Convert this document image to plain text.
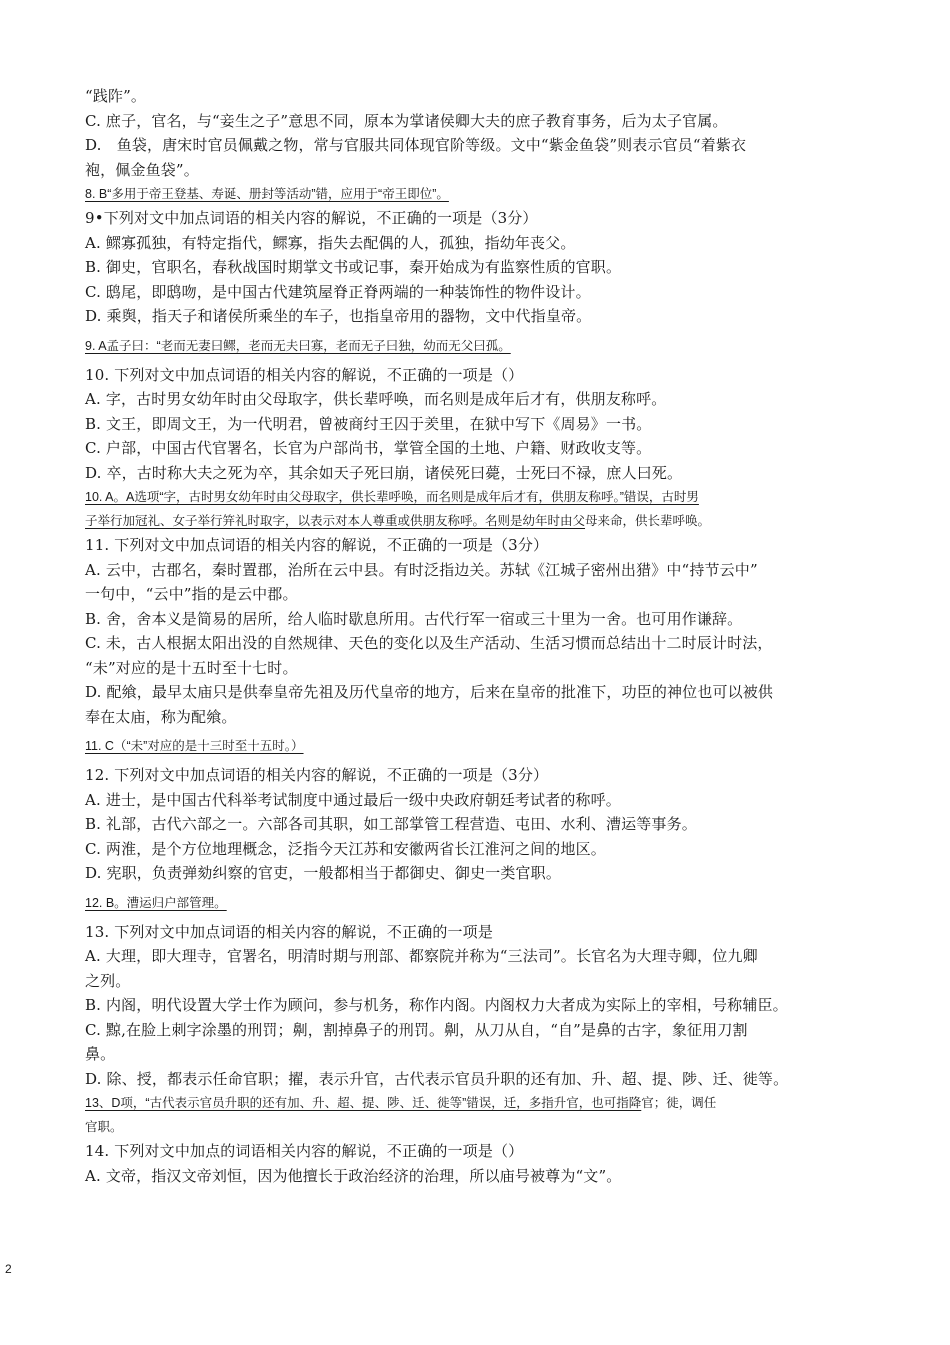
“践阼”。
C. 庶子，官名，与“妾生之子”意思不同，原本为掌诸侯卿大夫的庶子教育事务，后为太子官属。
D.　鱼袋，唐宋时官员佩戴之物，常与官服共同体现官阶等级。文中“紫金鱼袋”则表示官员“着紫衣
袍，佩金鱼袋”。
8. B“多用于帝王登基、寿诞、册封等活动”错，应用于“帝王即位”。
9•下列对文中加点词语的相关内容的解说，不正确的一项是（3分）
A. 鳏寡孤独，有特定指代，鳏寡，指失去配偶的人，孤独，指幼年丧父。
B. 御史，官职名，春秋战国时期掌文书或记事，秦开始成为有监察性质的官职。
C. 鸱尾，即鸱吻，是中国古代建筑屋脊正脊两端的一种装饰性的物件设计。
D. 乘舆，指天子和诸侯所乘坐的车子，也指皇帝用的器物，文中代指皇帝。
9. A孟子曰：“老而无妻曰鳏，老而无夫曰寡，老而无子曰独，幼而无父曰孤。
10. 下列对文中加点词语的相关内容的解说，不正确的一项是（）
A. 字，古时男女幼年时由父母取字，供长辈呼唤，而名则是成年后才有，供朋友称呼。
B. 文王，即周文王，为一代明君，曾被商纣王囚于羑里，在狱中写下《周易》一书。
C. 户部，中国古代官署名，长官为户部尚书，掌管全国的土地、户籍、财政收支等。
D. 卒，古时称大夫之死为卒，其余如天子死曰崩，诸侯死曰薨，士死曰不禄，庶人曰死。
10. A。A选项“字，古时男女幼年时由父母取字，供长辈呼唤，而名则是成年后才有，供朋友称呼。”错误，古时男
子举行加冠礼、女子举行笄礼时取字，以表示对本人尊重或供朋友称呼。名则是幼年时由父母来命，供长辈呼唤。
11. 下列对文中加点词语的相关内容的解说，不正确的一项是（3分）
A. 云中，古郡名，秦时置郡，治所在云中县。有时泛指边关。苏轼《江城子密州出猎》中“持节云中”
一句中，“云中”指的是云中郡。
B. 舍，舍本义是简易的居所，给人临时歇息所用。古代行军一宿或三十里为一舍。也可用作谦辞。
C. 未，古人根据太阳出没的自然规律、天色的变化以及生产活动、生活习惯而总结出十二时辰计时法，
“未”对应的是十五时至十七时。
D. 配飨，最早太庙只是供奉皇帝先祖及历代皇帝的地方，后来在皇帝的批准下，功臣的神位也可以被供
奉在太庙，称为配飨。
11. C（“未”对应的是十三时至十五时。）
12. 下列对文中加点词语的相关内容的解说，不正确的一项是（3分）
A. 进士，是中国古代科举考试制度中通过最后一级中央政府朝廷考试者的称呼。
B. 礼部，古代六部之一。六部各司其职，如工部掌管工程营造、屯田、水利、漕运等事务。
C. 两淮，是个方位地理概念，泛指今天江苏和安徽两省长江淮河之间的地区。
D. 宪职，负责弹劾纠察的官吏，一般都相当于都御史、御史一类官职。
12. B。漕运归户部管理。
13. 下列对文中加点词语的相关内容的解说，不正确的一项是
A. 大理，即大理寺，官署名，明清时期与刑部、都察院并称为“三法司”。长官名为大理寺卿，位九卿
之列。
B. 内阁，明代设置大学士作为顾问，参与机务，称作内阁。内阁权力大者成为实际上的宰相，号称辅臣。
C. 黥,在脸上刺字涂墨的刑罚；劓，割掉鼻子的刑罚。劓，从刀从自，“自”是鼻的古字，象征用刀割
鼻。
D. 除、授，都表示任命官职；擢，表示升官，古代表示官员升职的还有加、升、超、提、陟、迁、徙等。
13、D项，“古代表示官员升职的还有加、升、超、提、陟、迁、徙等”错误，迁，多指升官，也可指降官；徙，调任
官职。
14. 下列对文中加点的词语相关内容的解说，不正确的一项是（）
A. 文帝，指汉文帝刘恒，因为他擅长于政治经济的治理，所以庙号被尊为“文”。
2
